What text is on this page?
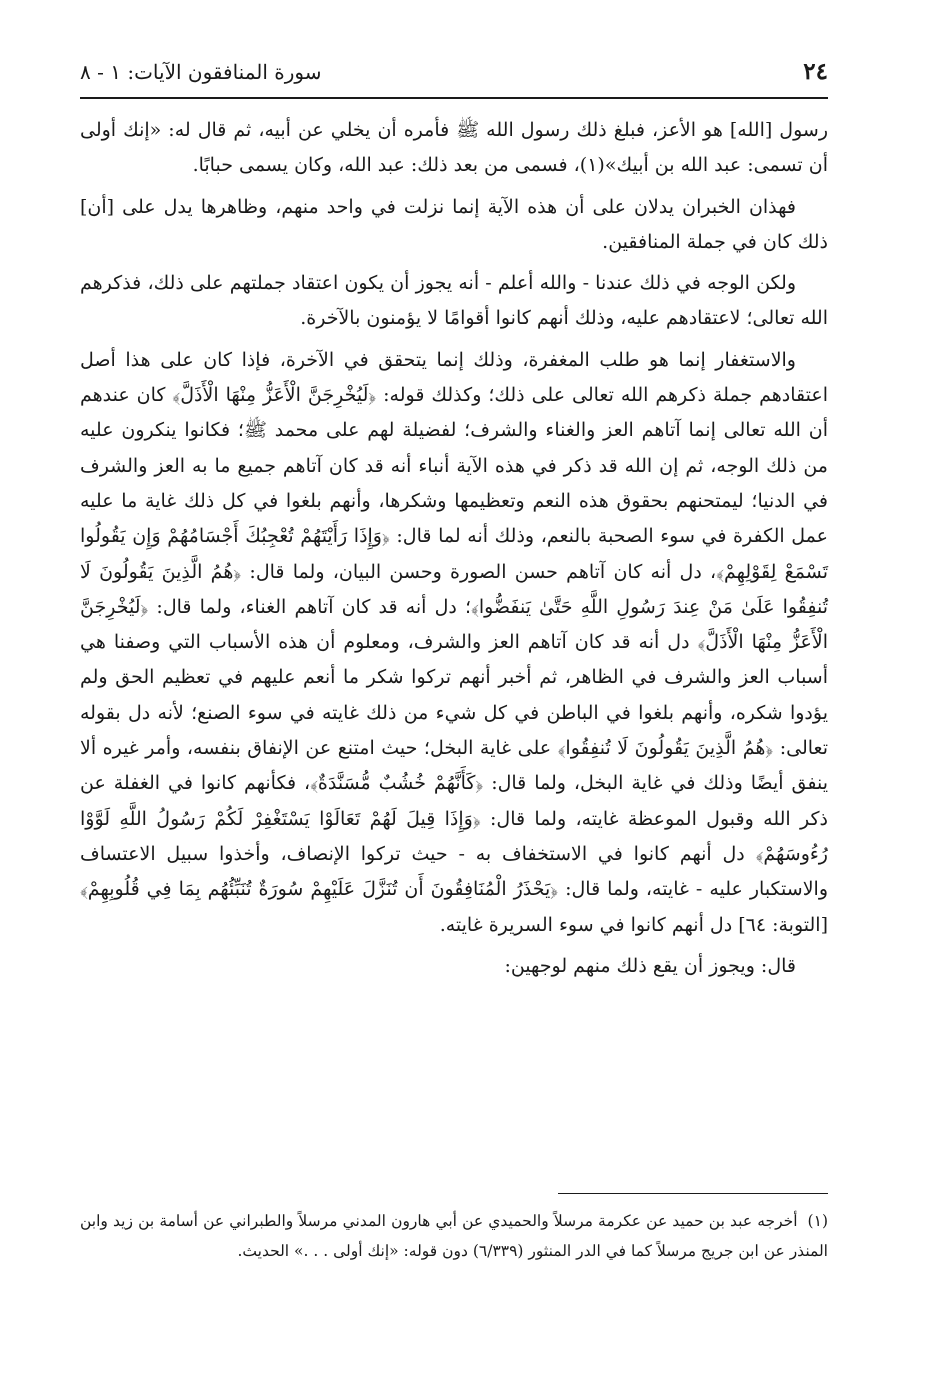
٢٤
سورة المنافقون الآيات: ١ - ٨

رسول [الله] هو الأعز، فبلغ ذلك رسول الله ﷺ فأمره أن يخلي عن أبيه، ثم قال له: «إنك أولى أن تسمى: عبد الله بن أبيك»(١)، فسمى من بعد ذلك: عبد الله، وكان يسمى حبابًا.

فهذان الخبران يدلان على أن هذه الآية إنما نزلت في واحد منهم، وظاهرها يدل على [أن] ذلك كان في جملة المنافقين.

ولكن الوجه في ذلك عندنا - والله أعلم - أنه يجوز أن يكون اعتقاد جملتهم على ذلك، فذكرهم الله تعالى؛ لاعتقادهم عليه، وذلك أنهم كانوا أقوامًا لا يؤمنون بالآخرة.

والاستغفار إنما هو طلب المغفرة، وذلك إنما يتحقق في الآخرة، فإذا كان على هذا أصل اعتقادهم جملة ذكرهم الله تعالى على ذلك؛ وكذلك قوله: ﴿لَيُخْرِجَنَّ الْأَعَزُّ مِنْهَا الْأَذَلَّ﴾ كان عندهم أن الله تعالى إنما آتاهم العز والغناء والشرف؛ لفضيلة لهم على محمد ﷺ؛ فكانوا ينكرون عليه من ذلك الوجه، ثم إن الله قد ذكر في هذه الآية أنباء أنه قد كان آتاهم جميع ما به العز والشرف في الدنيا؛ ليمتحنهم بحقوق هذه النعم وتعظيمها وشكرها، وأنهم بلغوا في كل ذلك غاية ما عليه عمل الكفرة في سوء الصحبة بالنعم، وذلك أنه لما قال: ﴿وَإِذَا رَأَيْتَهُمْ تُعْجِبُكَ أَجْسَامُهُمْ وَإِن يَقُولُوا تَسْمَعْ لِقَوْلِهِمْ﴾، دل أنه كان آتاهم حسن الصورة وحسن البيان، ولما قال: ﴿هُمُ الَّذِينَ يَقُولُونَ لَا تُنفِقُوا عَلَىٰ مَنْ عِندَ رَسُولِ اللَّهِ حَتَّىٰ يَنفَضُّوا﴾؛ دل أنه قد كان آتاهم الغناء، ولما قال: ﴿لَيُخْرِجَنَّ الْأَعَزُّ مِنْهَا الْأَذَلَّ﴾ دل أنه قد كان آتاهم العز والشرف، ومعلوم أن هذه الأسباب التي وصفنا هي أسباب العز والشرف في الظاهر، ثم أخبر أنهم تركوا شكر ما أنعم عليهم في تعظيم الحق ولم يؤدوا شكره، وأنهم بلغوا في الباطن في كل شيء من ذلك غايته في سوء الصنع؛ لأنه دل بقوله تعالى: ﴿هُمُ الَّذِينَ يَقُولُونَ لَا تُنفِقُوا﴾ على غاية البخل؛ حيث امتنع عن الإنفاق بنفسه، وأمر غيره ألا ينفق أيضًا وذلك في غاية البخل، ولما قال: ﴿كَأَنَّهُمْ خُشُبٌ مُّسَنَّدَةٌ﴾، فكأنهم كانوا في الغفلة عن ذكر الله وقبول الموعظة غايته، ولما قال: ﴿وَإِذَا قِيلَ لَهُمْ تَعَالَوْا يَسْتَغْفِرْ لَكُمْ رَسُولُ اللَّهِ لَوَّوْا رُءُوسَهُمْ﴾ دل أنهم كانوا في الاستخفاف به - حيث تركوا الإنصاف، وأخذوا سبيل الاعتساف والاستكبار عليه - غايته، ولما قال: ﴿يَحْذَرُ الْمُنَافِقُونَ أَن تُنَزَّلَ عَلَيْهِمْ سُورَةٌ تُنَبِّئُهُم بِمَا فِي قُلُوبِهِمْ﴾ [التوبة: ٦٤] دل أنهم كانوا في سوء السريرة غايته.

قال: ويجوز أن يقع ذلك منهم لوجهين:

(١)أخرجه عبد بن حميد عن عكرمة مرسلاً والحميدي عن أبي هارون المدني مرسلاً والطبراني عن أسامة بن زيد وابن المنذر عن ابن جريج مرسلاً كما في الدر المنثور (٦/٣٣٩) دون قوله: «إنك أولى . . .» الحديث.
